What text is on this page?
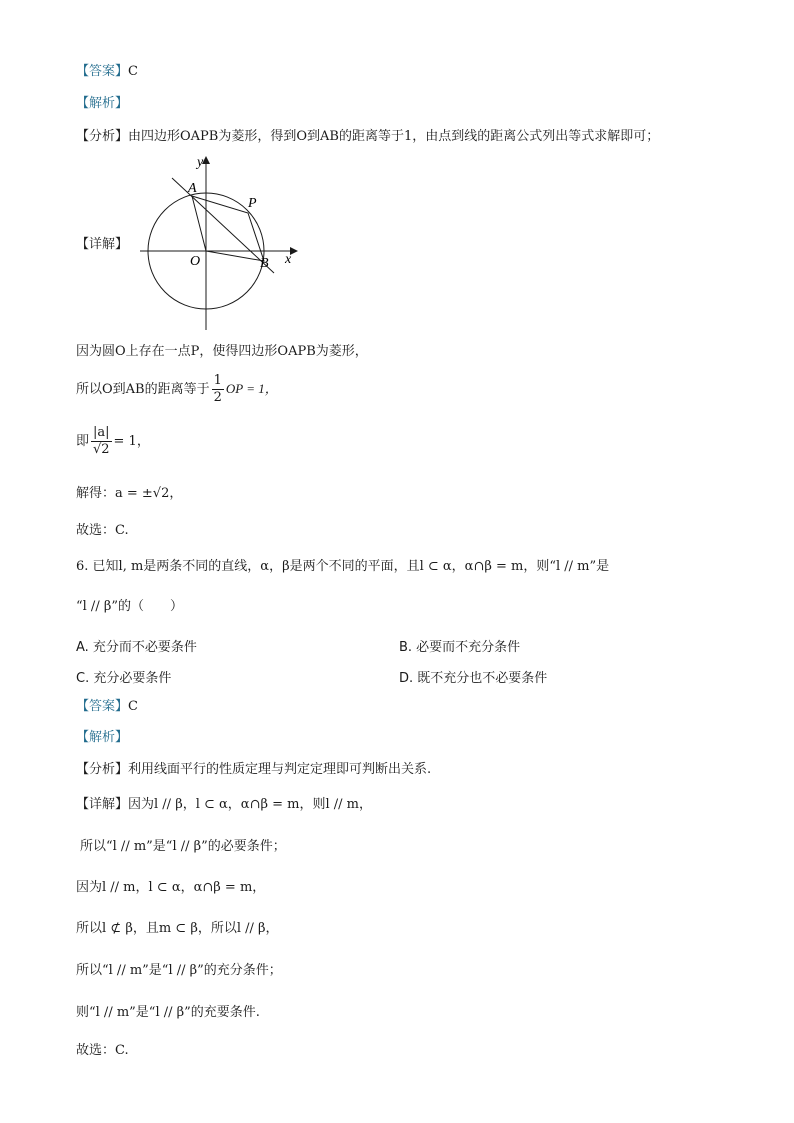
【答案】C
【解析】
【分析】由四边形OAPB为菱形，得到O到AB的距离等于1，由点到线的距离公式列出等式求解即可；
【详解】
y
x
A
P
O	B
因为圆O上存在一点P，使得四边形OAPB为菱形，
所以O到AB的距离等于 $\frac{1}{2}$ OP = 1，
即 $\frac{|a|}{√2} = 1$，
解得：a = ±√2，
故选：C.
6. 已知l, m是两条不同的直线，α，β是两个不同的平面，且l ⊂ α，α∩β = m，则“l // m”是
“l // β”的（　　）
A. 充分而不必要条件	B. 必要而不充分条件
C. 充分必要条件	D. 既不充分也不必要条件
【答案】C
【解析】
【分析】利用线面平行的性质定理与判定定理即可判断出关系.
【详解】因为l // β，l ⊂ α，α∩β = m，则l // m，
所以“l // m”是“l // β”的必要条件；
因为l // m，l ⊂ α，α∩β = m，
所以l ⊄ β，且m ⊂ β，所以l // β，
所以“l // m”是“l // β”的充分条件；
则“l // m”是“l // β”的充要条件.
故选：C.
